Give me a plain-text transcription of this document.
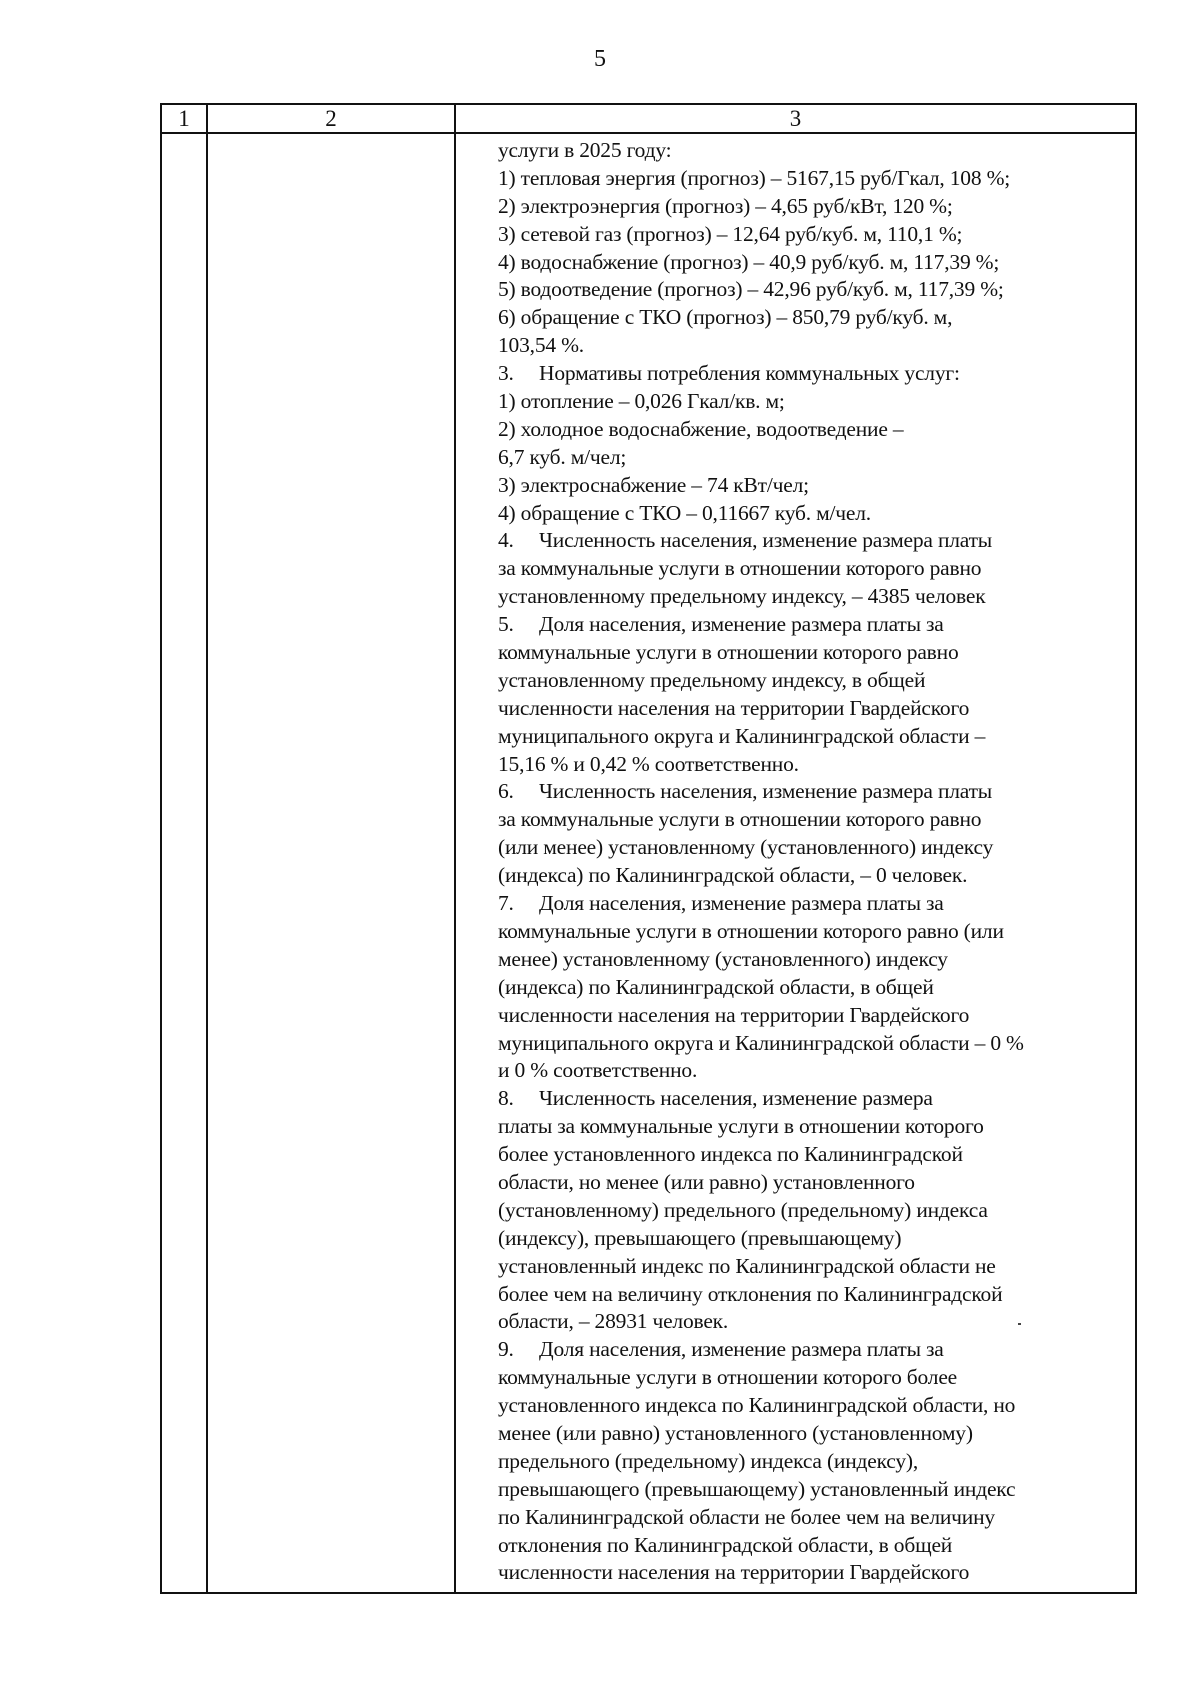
5
1	2	3
услуги в 2025 году:
1) тепловая энергия (прогноз) – 5167,15 руб/Гкал, 108 %;
2) электроэнергия (прогноз) – 4,65 руб/кВт, 120 %;
3) сетевой газ (прогноз) – 12,64 руб/куб. м, 110,1 %;
4) водоснабжение (прогноз) – 40,9 руб/куб. м, 117,39 %;
5) водоотведение (прогноз) – 42,96 руб/куб. м, 117,39 %;
6) обращение с ТКО (прогноз) – 850,79 руб/куб. м,
103,54 %.
3. Нормативы потребления коммунальных услуг:
1) отопление – 0,026 Гкал/кв. м;
2) холодное водоснабжение, водоотведение –
6,7 куб. м/чел;
3) электроснабжение – 74 кВт/чел;
4) обращение с ТКО – 0,11667 куб. м/чел.
4. Численность населения, изменение размера платы
за коммунальные услуги в отношении которого равно
установленному предельному индексу, – 4385 человек
5. Доля населения, изменение размера платы за
коммунальные услуги в отношении которого равно
установленному предельному индексу, в общей
численности населения на территории Гвардейского
муниципального округа и Калининградской области –
15,16 % и 0,42 % соответственно.
6. Численность населения, изменение размера платы
за коммунальные услуги в отношении которого равно
(или менее) установленному (установленного) индексу
(индекса) по Калининградской области, – 0 человек.
7. Доля населения, изменение размера платы за
коммунальные услуги в отношении которого равно (или
менее) установленному (установленного) индексу
(индекса) по Калининградской области, в общей
численности населения на территории Гвардейского
муниципального округа и Калининградской области – 0 %
и 0 % соответственно.
8. Численность населения, изменение размера
платы за коммунальные услуги в отношении которого
более установленного индекса по Калининградской
области, но менее (или равно) установленного
(установленному) предельного (предельному) индекса
(индексу), превышающего (превышающему)
установленный индекс по Калининградской области не
более чем на величину отклонения по Калининградской
области, – 28931 человек.
9. Доля населения, изменение размера платы за
коммунальные услуги в отношении которого более
установленного индекса по Калининградской области, но
менее (или равно) установленного (установленному)
предельного (предельному) индекса (индексу),
превышающего (превышающему) установленный индекс
по Калининградской области не более чем на величину
отклонения по Калининградской области, в общей
численности населения на территории Гвардейского
